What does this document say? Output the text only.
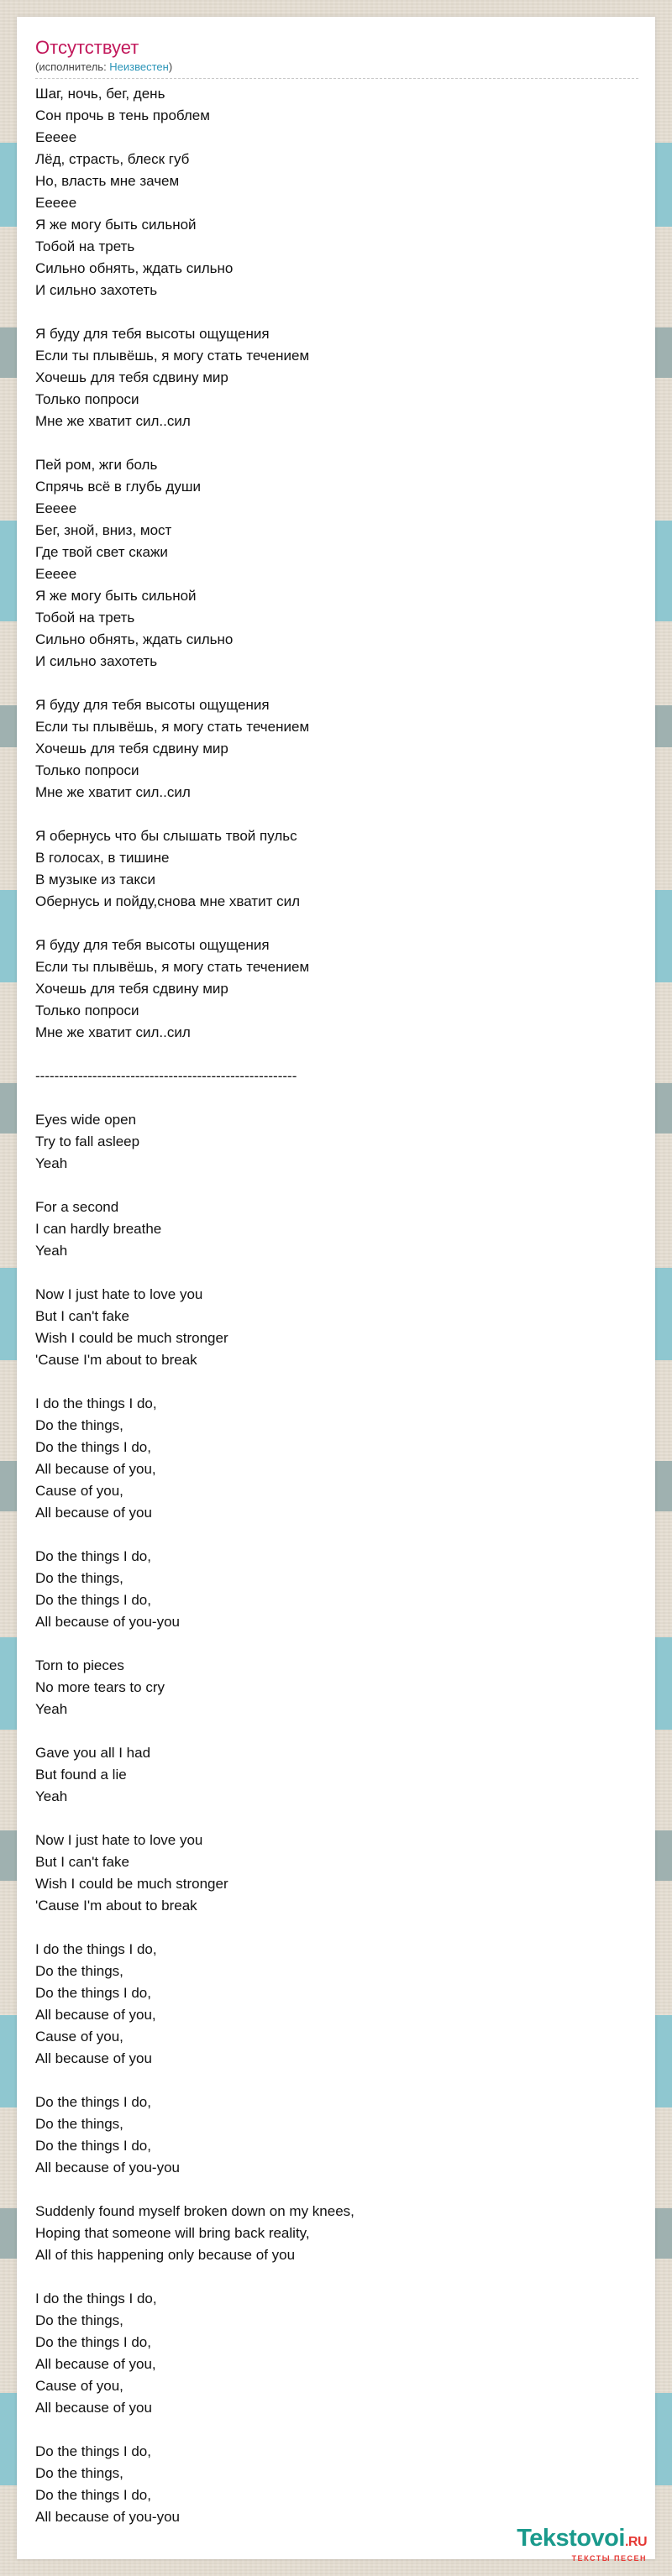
Отсутствует
(исполнитель: Неизвестен)
Шаг, ночь, бег, день
Сон прочь в тень проблем
Еееее
Лёд, страсть, блеск губ
Но, власть мне зачем
Еееее
Я же могу быть сильной
Тобой на треть
Сильно обнять, ждать сильно
И сильно захотеть
Я буду для тебя высоты ощущения
Если ты плывёшь, я могу стать течением
Хочешь для тебя сдвину мир
Только попроси
Мне же хватит сил..сил
Пей ром, жги боль
Спрячь всё в глубь души
Еееее
Бег, зной, вниз, мост
Где твой свет скажи
Еееее
Я же могу быть сильной
Тобой на треть
Сильно обнять, ждать сильно
И сильно захотеть
Я буду для тебя высоты ощущения
Если ты плывёшь, я могу стать течением
Хочешь для тебя сдвину мир
Только попроси
Мне же хватит сил..сил
Я обернусь что бы слышать твой пульс
В голосах, в тишине
В музыке из такси
Обернусь и пойду,снова мне хватит сил
Я буду для тебя высоты ощущения
Если ты плывёшь, я могу стать течением
Хочешь для тебя сдвину мир
Только попроси
Мне же хватит сил..сил
-------------------------------------------------------
Eyes wide open
Try to fall asleep
Yeah
For a second
I can hardly breathe
Yeah
Now I just hate to love you
But I can't fake
Wish I could be much stronger
'Cause I'm about to break
I do the things I do,
Do the things,
Do the things I do,
All because of you,
Cause of you,
All because of you
Do the things I do,
Do the things,
Do the things I do,
All because of you-you
Torn to pieces
No more tears to cry
Yeah
Gave you all I had
But found a lie
Yeah
Now I just hate to love you
But I can't fake
Wish I could be much stronger
'Cause I'm about to break
I do the things I do,
Do the things,
Do the things I do,
All because of you,
Cause of you,
All because of you
Do the things I do,
Do the things,
Do the things I do,
All because of you-you
Suddenly found myself broken down on my knees,
Hoping that someone will bring back reality,
All of this happening only because of you
I do the things I do,
Do the things,
Do the things I do,
All because of you,
Cause of you,
All because of you
Do the things I do,
Do the things,
Do the things I do,
All because of you-you
Tekstovoi.RU
ТЕКСТЫ ПЕСЕН
